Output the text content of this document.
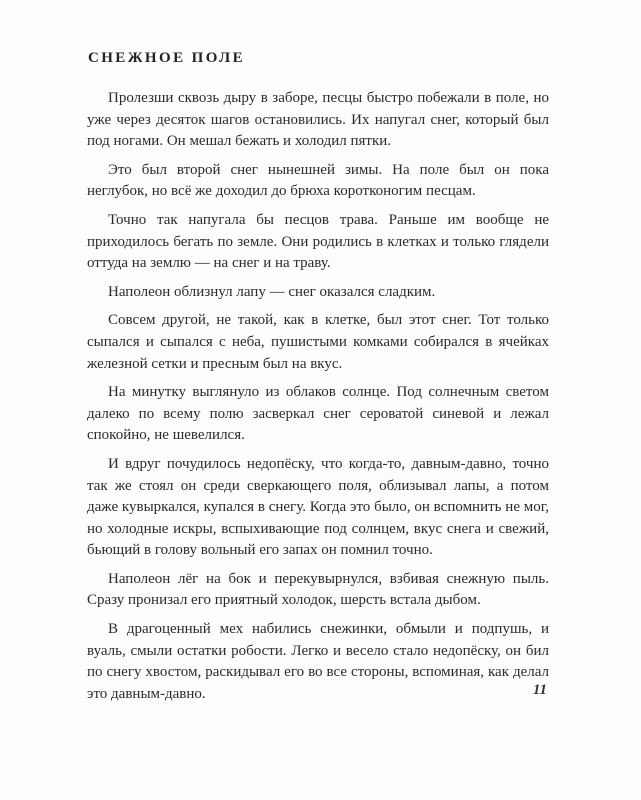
СНЕЖНОЕ ПОЛЕ

Пролезши сквозь дыру в заборе, песцы быстро побежали в поле, но уже через десяток шагов остановились. Их напугал снег, который был под ногами. Он мешал бежать и холодил пятки.

Это был второй снег нынешней зимы. На поле был он пока неглубок, но всё же доходил до брюха коротконогим песцам.

Точно так напугала бы песцов трава. Раньше им вообще не приходилось бегать по земле. Они родились в клетках и только глядели оттуда на землю — на снег и на траву.

Наполеон облизнул лапу — снег оказался сладким.

Совсем другой, не такой, как в клетке, был этот снег. Тот только сыпался и сыпался с неба, пушистыми комками собирался в ячейках железной сетки и пресным был на вкус.

На минутку выглянуло из облаков солнце. Под солнечным светом далеко по всему полю засверкал снег сероватой синевой и лежал спокойно, не шевелился.

И вдруг почудилось недопёску, что когда-то, давным-давно, точно так же стоял он среди сверкающего поля, облизывал лапы, а потом даже кувыркался, купался в снегу. Когда это было, он вспомнить не мог, но холодные искры, вспыхивающие под солнцем, вкус снега и свежий, бьющий в голову вольный его запах он помнил точно.

Наполеон лёг на бок и перекувырнулся, взбивая снежную пыль. Сразу пронизал его приятный холодок, шерсть встала дыбом.

В драгоценный мех набились снежинки, обмыли и подпушь, и вуаль, смыли остатки робости. Легко и весело стало недопёску, он бил по снегу хвостом, раскидывал его во все стороны, вспоминая, как делал это давным-давно.	11
